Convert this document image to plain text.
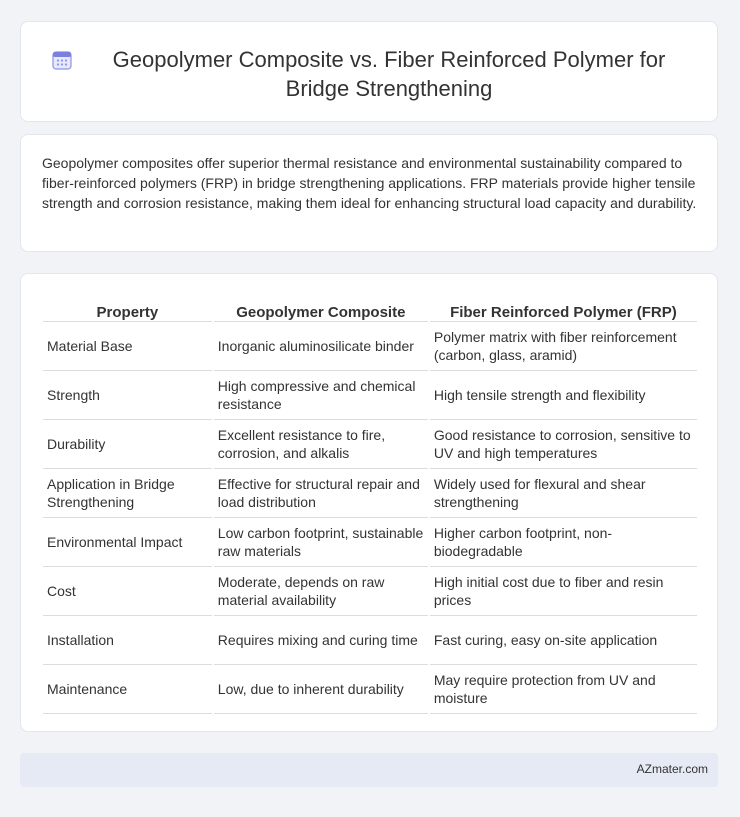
Geopolymer Composite vs. Fiber Reinforced Polymer for Bridge Strengthening

Geopolymer composites offer superior thermal resistance and environmental sustainability compared to fiber-reinforced polymers (FRP) in bridge strengthening applications. FRP materials provide higher tensile strength and corrosion resistance, making them ideal for enhancing structural load capacity and durability.

Property	Geopolymer Composite	Fiber Reinforced Polymer (FRP)
Material Base	Inorganic aluminosilicate binder	Polymer matrix with fiber reinforcement (carbon, glass, aramid)
Strength	High compressive and chemical resistance	High tensile strength and flexibility
Durability	Excellent resistance to fire, corrosion, and alkalis	Good resistance to corrosion, sensitive to UV and high temperatures
Application in Bridge Strengthening	Effective for structural repair and load distribution	Widely used for flexural and shear strengthening
Environmental Impact	Low carbon footprint, sustainable raw materials	Higher carbon footprint, non-biodegradable
Cost	Moderate, depends on raw material availability	High initial cost due to fiber and resin prices
Installation	Requires mixing and curing time	Fast curing, easy on-site application
Maintenance	Low, due to inherent durability	May require protection from UV and moisture
AZmater.com
